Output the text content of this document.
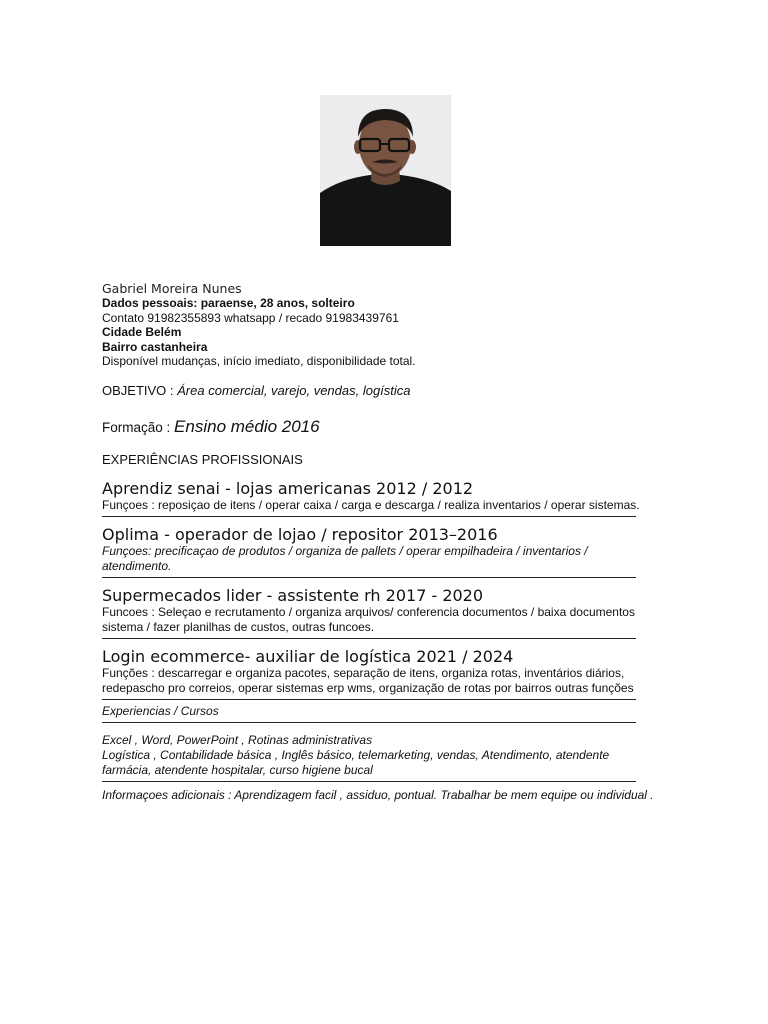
Gabriel Moreira Nunes
Dados pessoais: paraense, 28 anos, solteiro
Contato 91982355893 whatsapp / recado 91983439761
Cidade Belém
Bairro castanheira
Disponível mudanças, início imediato, disponibilidade total.
OBJETIVO : Área comercial, varejo, vendas, logística
Formação : Ensino médio 2016
EXPERIÊNCIAS PROFISSIONAIS
Aprendiz senai - lojas americanas 2012 / 2012
Funçoes : reposiçao de itens / operar caixa / carga e descarga / realiza inventarios / operar sistemas.
Oplima - operador de lojao / repositor 2013–2016
Funçoes: precificaçao de produtos / organiza de pallets / operar empilhadeira / inventarios / atendimento.
Supermecados lider - assistente rh 2017 - 2020
Funcoes : Seleçao e recrutamento / organiza arquivos/ conferencia documentos / baixa documentos sistema / fazer planilhas de custos, outras funcoes.
Login ecommerce- auxiliar de logística 2021 / 2024
Funções : descarregar e organiza pacotes, separação de itens, organiza rotas, inventários diários, redepascho pro correios, operar sistemas erp wms, organização de rotas por bairros outras funções
Experiencias / Cursos
Excel , Word, PowerPoint , Rotinas administrativas
Logística , Contabilidade básica , Inglês básico, telemarketing, vendas, Atendimento, atendente farmácia, atendente hospitalar, curso higiene bucal
Informaçoes adicionais : Aprendizagem facil , assiduo, pontual. Trabalhar be mem equipe ou individual .
